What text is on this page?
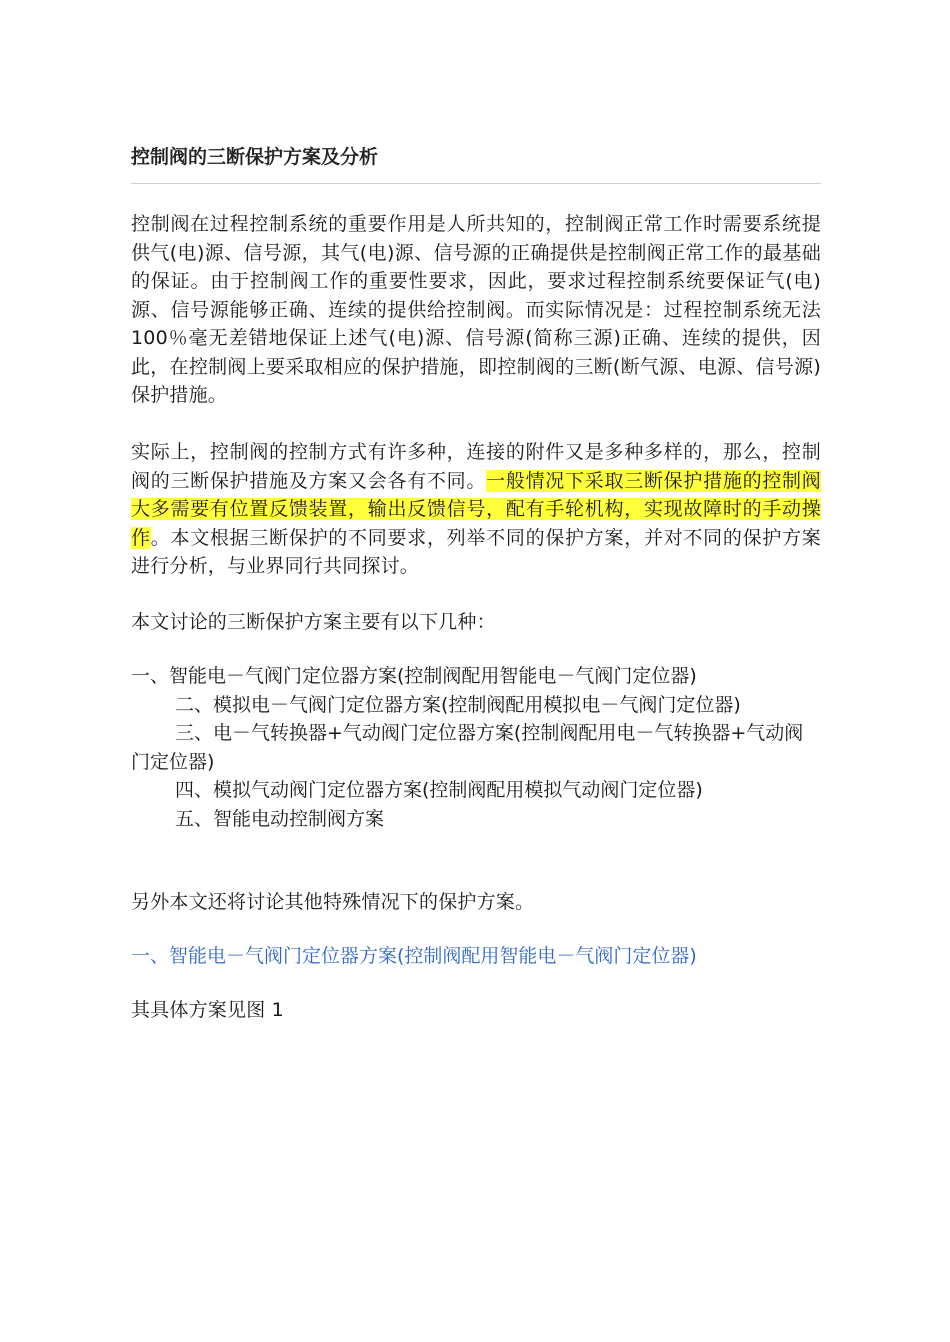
控制阀的三断保护方案及分析

控制阀在过程控制系统的重要作用是人所共知的，控制阀正常工作时需要系统提供气(电)源、信号源，其气(电)源、信号源的正确提供是控制阀正常工作的最基础的保证。由于控制阀工作的重要性要求，因此，要求过程控制系统要保证气(电)源、信号源能够正确、连续的提供给控制阀。而实际情况是：过程控制系统无法 100％毫无差错地保证上述气(电)源、信号源(简称三源)正确、连续的提供，因此，在控制阀上要采取相应的保护措施，即控制阀的三断(断气源、电源、信号源)保护措施。

实际上，控制阀的控制方式有许多种，连接的附件又是多种多样的，那么，控制阀的三断保护措施及方案又会各有不同。一般情况下采取三断保护措施的控制阀大多需要有位置反馈装置，输出反馈信号，配有手轮机构，实现故障时的手动操作。本文根据三断保护的不同要求，列举不同的保护方案，并对不同的保护方案进行分析，与业界同行共同探讨。

本文讨论的三断保护方案主要有以下几种：

一、智能电－气阀门定位器方案(控制阀配用智能电－气阀门定位器)

二、模拟电－气阀门定位器方案(控制阀配用模拟电－气阀门定位器)

三、电－气转换器+气动阀门定位器方案(控制阀配用电－气转换器+气动阀门定位器)

四、模拟气动阀门定位器方案(控制阀配用模拟气动阀门定位器)

五、智能电动控制阀方案

另外本文还将讨论其他特殊情况下的保护方案。

一、智能电－气阀门定位器方案(控制阀配用智能电－气阀门定位器)

其具体方案见图 1
